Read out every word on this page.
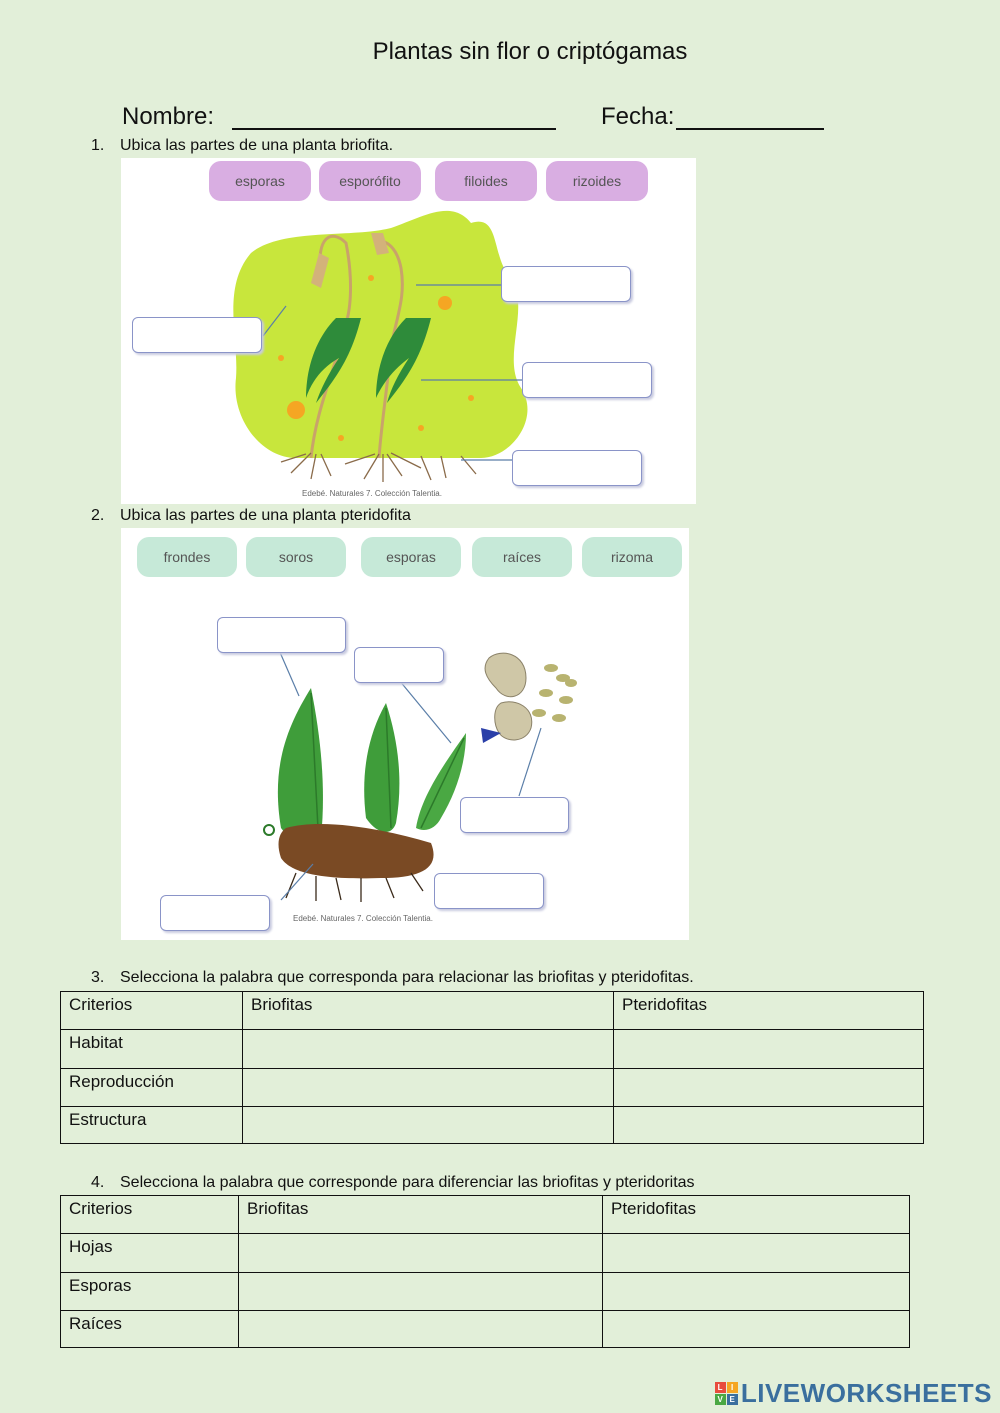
Plantas sin flor o criptógamas
Nombre:	Fecha:
1. Ubica las partes de una planta briofita.
esporas	esporófito	filoides	rizoides
Edebé. Naturales 7. Colección Talentia.
2. Ubica las partes de una planta pteridofita
frondes	soros	esporas	raíces	rizoma
Edebé. Naturales 7. Colección Talentia.
3. Selecciona la palabra que corresponda para relacionar las briofitas y pteridofitas.
Criterios	Briofitas	Pteridofitas
Habitat		
Reproducción		
Estructura		
4. Selecciona la palabra que corresponde para diferenciar las briofitas y pteridoritas
Criterios	Briofitas	Pteridofitas
Hojas		
Esporas		
Raíces		
L I
V E LIVEWORKSHEETS
